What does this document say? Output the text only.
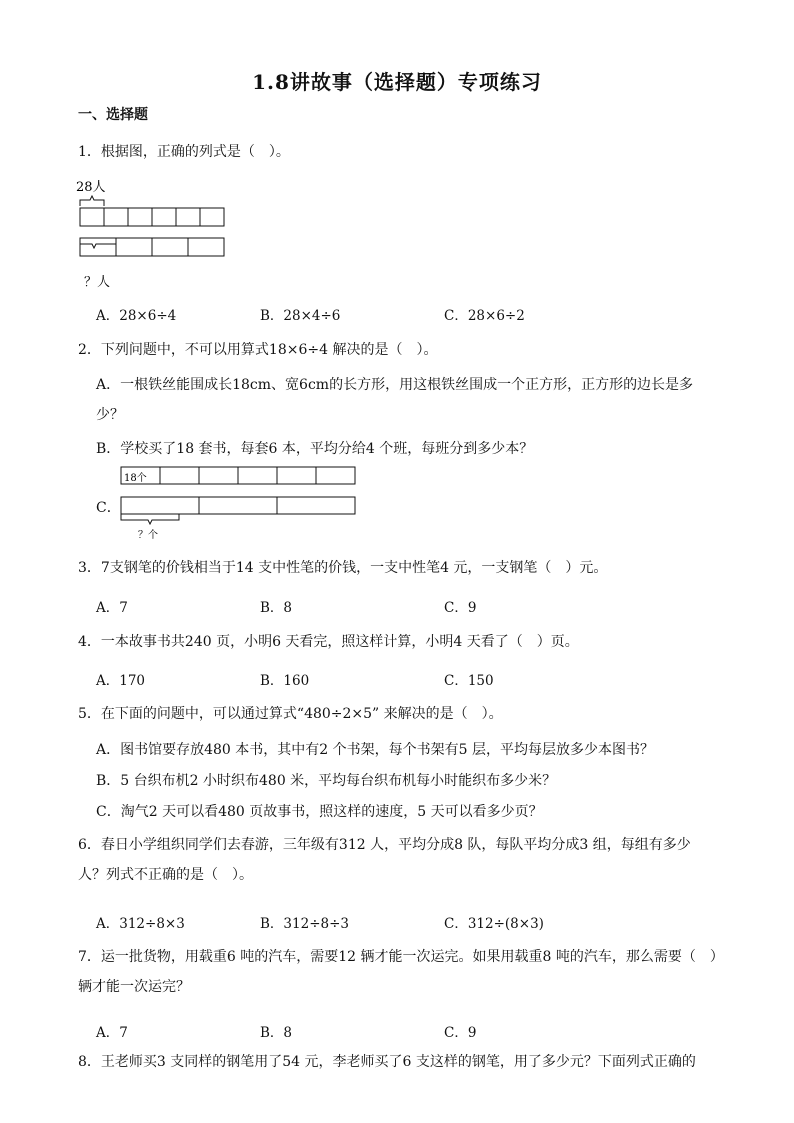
1.8讲故事（选择题）专项练习
一、选择题
1．根据图，正确的列式是（　）。
28人
？人
A．28×6÷4	B．28×4÷6	C．28×6÷2
2．下列问题中，不可以用算式18×6÷4 解决的是（　）。
A．一根铁丝能围成长18cm、宽6cm的长方形，用这根铁丝围成一个正方形，正方形的边长是多少？
B．学校买了18 套书，每套6 本，平均分给4 个班，每班分到多少本？
C．
18个
？个
3．7支钢笔的价钱相当于14 支中性笔的价钱，一支中性笔4 元，一支钢笔（　）元。
A．7	B．8	C．9
4．一本故事书共240 页，小明6 天看完，照这样计算，小明4 天看了（　）页。
A．170	B．160	C．150
5．在下面的问题中，可以通过算式“480÷2×5” 来解决的是（　）。
A．图书馆要存放480 本书，其中有2 个书架，每个书架有5 层，平均每层放多少本图书？
B．5 台织布机2 小时织布480 米，平均每台织布机每小时能织布多少米？
C．淘气2 天可以看480 页故事书，照这样的速度，5 天可以看多少页？
6．春日小学组织同学们去春游，三年级有312 人，平均分成8 队，每队平均分成3 组，每组有多少人？列式不正确的是（　）。
A．312÷8×3	B．312÷8÷3	C．312÷(8×3)
7．运一批货物，用载重6 吨的汽车，需要12 辆才能一次运完。如果用载重8 吨的汽车，那么需要（　）辆才能一次运完？
A．7	B．8	C．9
8．王老师买3 支同样的钢笔用了54 元，李老师买了6 支这样的钢笔，用了多少元？下面列式正确的
